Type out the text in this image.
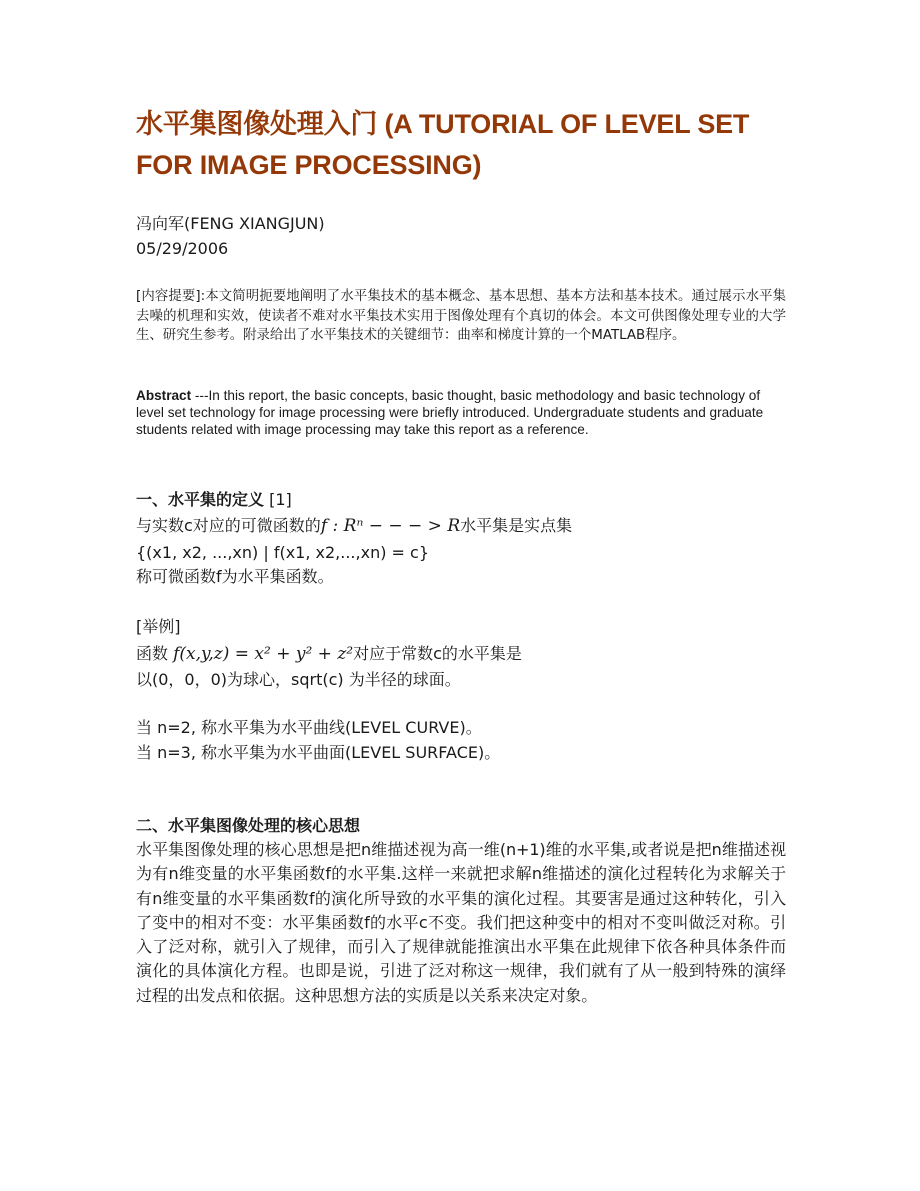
水平集图像处理入门 (A TUTORIAL OF LEVEL SET FOR IMAGE PROCESSING)
冯向军(FENG XIANGJUN)
05/29/2006

[内容提要]:本文简明扼要地阐明了水平集技术的基本概念、基本思想、基本方法和基本技术。通过展示水平集去噪的机理和实效，使读者不难对水平集技术实用于图像处理有个真切的体会。本文可供图像处理专业的大学生、研究生参考。附录给出了水平集技术的关键细节：曲率和梯度计算的一个MATLAB程序。

Abstract ---In this report, the basic concepts, basic thought, basic methodology and basic technology of level set technology for image processing were briefly introduced. Undergraduate students and graduate students related with image processing may take this report as a reference.

一、水平集的定义 [1]
与实数c对应的可微函数的f : Rⁿ − − − > R水平集是实点集
{(x1, x2, ...,xn) | f(x1, x2,...,xn) = c}
称可微函数f为水平集函数。
[举例]
函数 f(x,y,z) = x² + y² + z²对应于常数c的水平集是
以(0，0，0)为球心，sqrt(c) 为半径的球面。
当 n=2, 称水平集为水平曲线(LEVEL CURVE)。
当 n=3, 称水平集为水平曲面(LEVEL SURFACE)。
二、水平集图像处理的核心思想

水平集图像处理的核心思想是把n维描述视为高一维(n+1)维的水平集,或者说是把n维描述视为有n维变量的水平集函数f的水平集.这样一来就把求解n维描述的演化过程转化为求解关于有n维变量的水平集函数f的演化所导致的水平集的演化过程。其要害是通过这种转化，引入了变中的相对不变：水平集函数f的水平c不变。我们把这种变中的相对不变叫做泛对称。引入了泛对称，就引入了规律，而引入了规律就能推演出水平集在此规律下依各种具体条件而演化的具体演化方程。也即是说，引进了泛对称这一规律，我们就有了从一般到特殊的演绎过程的出发点和依据。这种思想方法的实质是以关系来决定对象。
